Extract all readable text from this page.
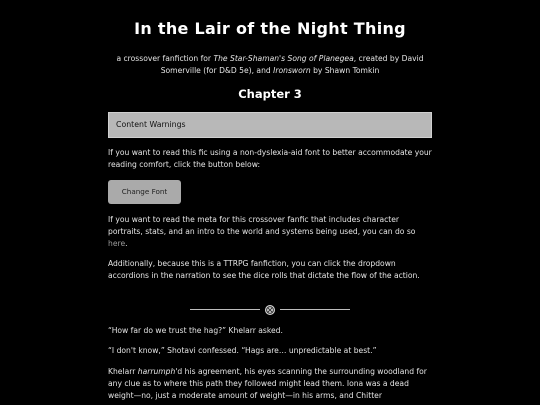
In the Lair of the Night Thing
a crossover fanfiction for The Star-Shaman's Song of Planegea, created by David Somerville (for D&D 5e), and Ironsworn by Shawn Tomkin
Chapter 3
Content Warnings
If you want to read this fic using a non-dyslexia-aid font to better accommodate your reading comfort, click the button below:
Change Font
If you want to read the meta for this crossover fanfic that includes character portraits, stats, and an intro to the world and systems being used, you can do so here.
Additionally, because this is a TTRPG fanfiction, you can click the dropdown accordions in the narration to see the dice rolls that dictate the flow of the action.
“How far do we trust the hag?” Khelarr asked.
“I don't know,” Shotavi confessed. “Hags are… unpredictable at best.”
Khelarr harrumph'd his agreement, his eyes scanning the surrounding woodland for any clue as to where this path they followed might lead them. Iona was a dead weight—no, just a moderate amount of weight—in his arms, and Chitter
